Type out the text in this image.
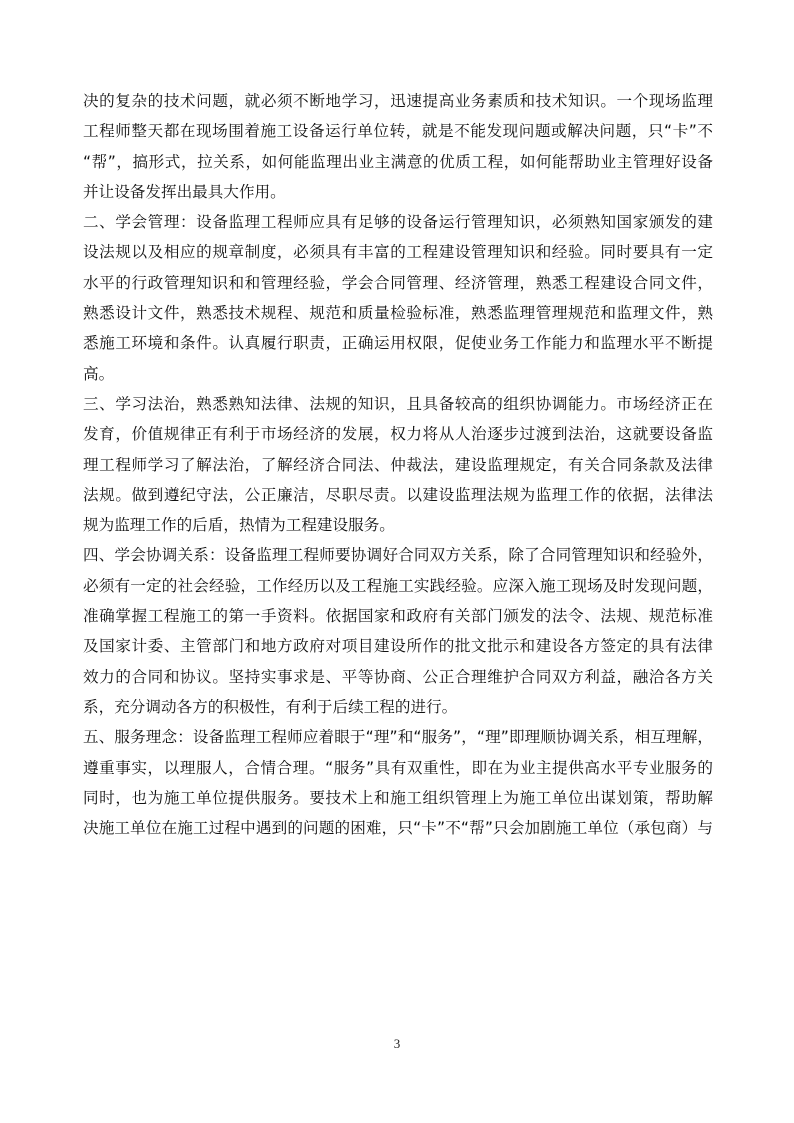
决的复杂的技术问题，就必须不断地学习，迅速提高业务素质和技术知识。一个现场监理
工程师整天都在现场围着施工设备运行单位转，就是不能发现问题或解决问题，只“卡”不
“帮”，搞形式，拉关系，如何能监理出业主满意的优质工程，如何能帮助业主管理好设备
并让设备发挥出最具大作用。
二、学会管理：设备监理工程师应具有足够的设备运行管理知识，必须熟知国家颁发的建
设法规以及相应的规章制度，必须具有丰富的工程建设管理知识和经验。同时要具有一定
水平的行政管理知识和和管理经验，学会合同管理、经济管理，熟悉工程建设合同文件，
熟悉设计文件，熟悉技术规程、规范和质量检验标准，熟悉监理管理规范和监理文件，熟
悉施工环境和条件。认真履行职责，正确运用权限，促使业务工作能力和监理水平不断提
高。
三、学习法治，熟悉熟知法律、法规的知识，且具备较高的组织协调能力。市场经济正在
发育，价值规律正有利于市场经济的发展，权力将从人治逐步过渡到法治，这就要设备监
理工程师学习了解法治，了解经济合同法、仲裁法，建设监理规定，有关合同条款及法律
法规。做到遵纪守法，公正廉洁，尽职尽责。以建设监理法规为监理工作的依据，法律法
规为监理工作的后盾，热情为工程建设服务。
四、学会协调关系：设备监理工程师要协调好合同双方关系，除了合同管理知识和经验外，
必须有一定的社会经验，工作经历以及工程施工实践经验。应深入施工现场及时发现问题，
准确掌握工程施工的第一手资料。依据国家和政府有关部门颁发的法令、法规、规范标准
及国家计委、主管部门和地方政府对项目建设所作的批文批示和建设各方签定的具有法律
效力的合同和协议。坚持实事求是、平等协商、公正合理维护合同双方利益，融洽各方关
系，充分调动各方的积极性，有利于后续工程的进行。
五、服务理念：设备监理工程师应着眼于“理”和“服务”，“理”即理顺协调关系，相互理解，
遵重事实，以理服人，合情合理。“服务”具有双重性，即在为业主提供高水平专业服务的
同时，也为施工单位提供服务。要技术上和施工组织管理上为施工单位出谋划策，帮助解
决施工单位在施工过程中遇到的问题的困难，只“卡”不“帮”只会加剧施工单位（承包商）与
3
